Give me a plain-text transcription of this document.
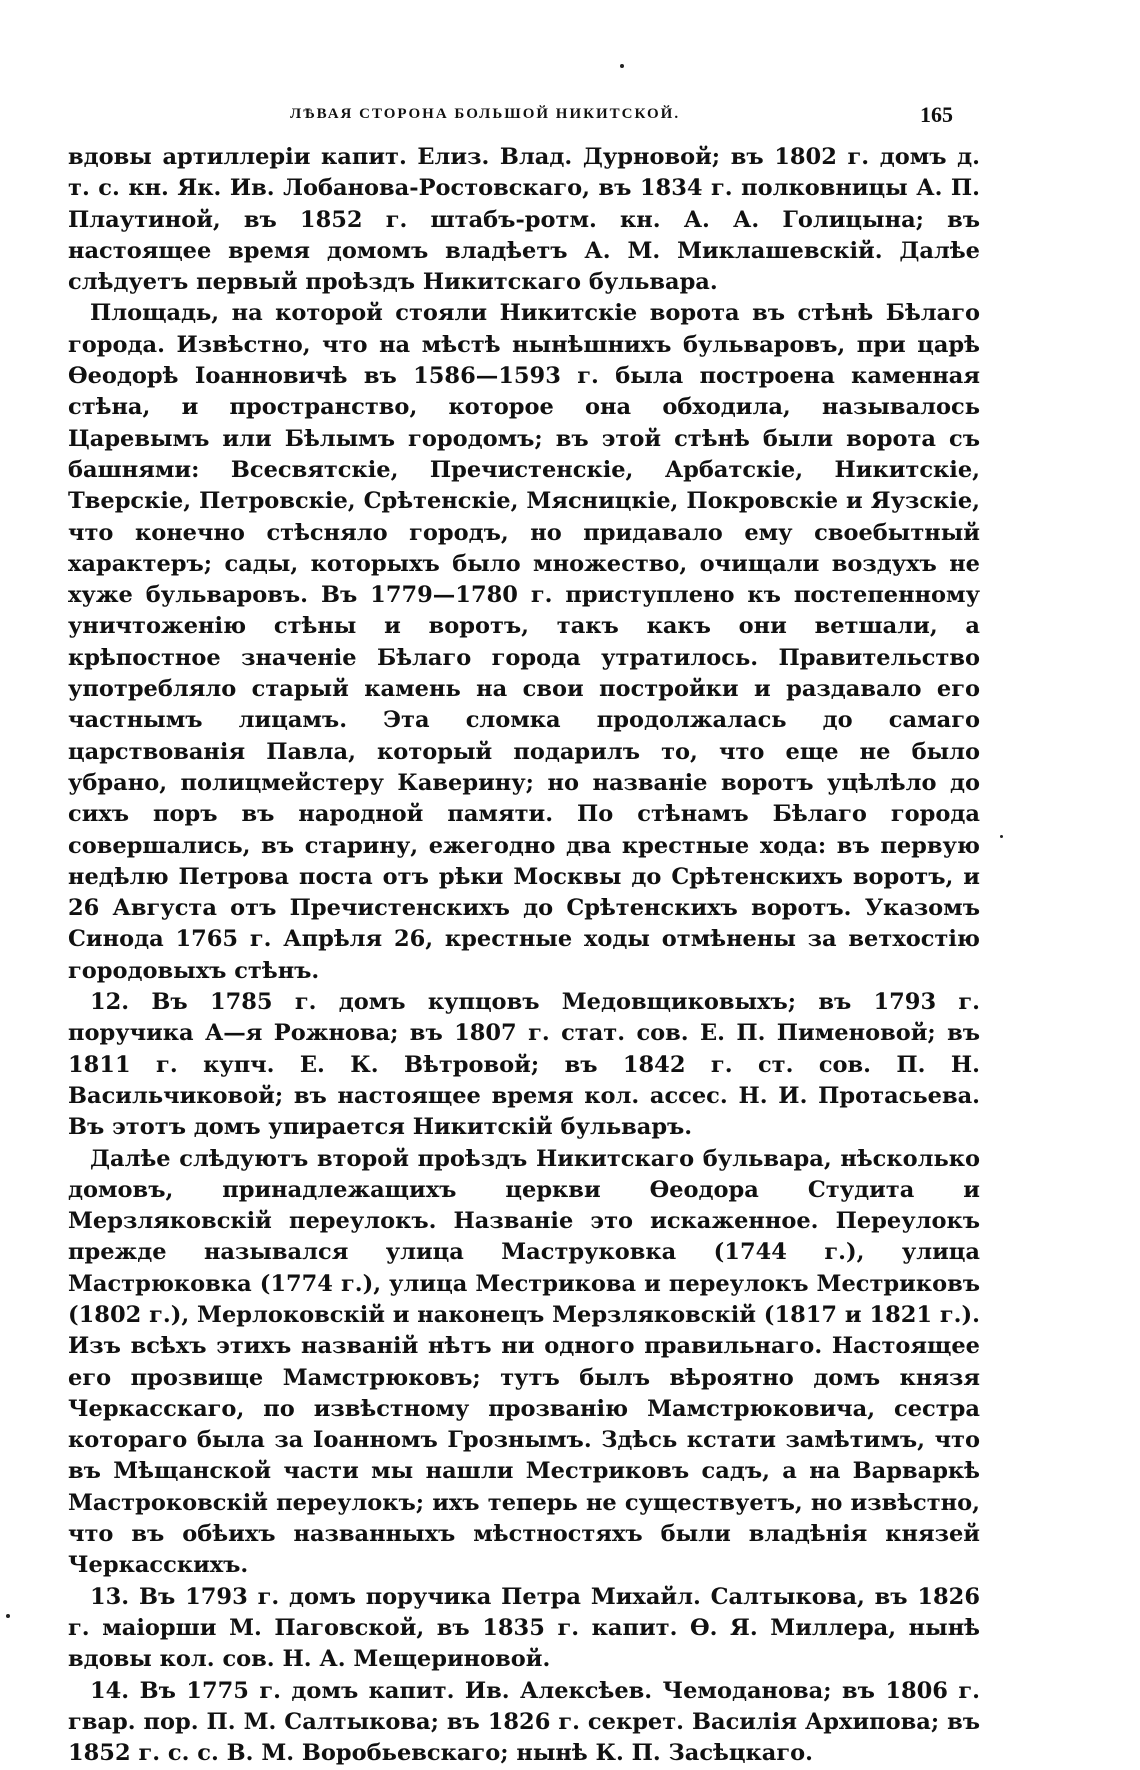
ЛѢВАЯ СТОРОНА БОЛЬШОЙ НИКИТСКОЙ.	165

вдовы артиллеріи капит. Елиз. Влад. Дурновой; въ 1802 г. домъ д. т. с. кн. Як. Ив. Лобанова-Ростовскаго, въ 1834 г. полковницы А. П. Плаутиной, въ 1852 г. штабъ-ротм. кн. А. А. Голицына; въ настоящее время домомъ владѣетъ А. М. Миклашевскій. Далѣе слѣдуетъ первый проѣздъ Никитскаго бульвара.

Площадь, на которой стояли Никитскіе ворота въ стѣнѣ Бѣлаго города. Извѣстно, что на мѣстѣ нынѣшнихъ бульваровъ, при царѣ Ѳеодорѣ Іоанновичѣ въ 1586—1593 г. была построена каменная стѣна, и пространство, которое она обходила, называлось Царевымъ или Бѣлымъ городомъ; въ этой стѣнѣ были ворота съ башнями: Всесвятскіе, Пречистенскіе, Арбатскіе, Никитскіе, Тверскіе, Петровскіе, Срѣтенскіе, Мясницкіе, Покровскіе и Яузскіе, что конечно стѣсняло городъ, но придавало ему своебытный характеръ; сады, которыхъ было множество, очищали воздухъ не хуже бульваровъ. Въ 1779—1780 г. приступлено къ постепенному уничтоженію стѣны и воротъ, такъ какъ они ветшали, а крѣпостное значеніе Бѣлаго города утратилось. Правительство употребляло старый камень на свои постройки и раздавало его частнымъ лицамъ. Эта сломка продолжалась до самаго царствованія Павла, который подарилъ то, что еще не было убрано, полицмейстеру Каверину; но названіе воротъ уцѣлѣло до сихъ поръ въ народной памяти. По стѣнамъ Бѣлаго города совершались, въ старину, ежегодно два крестные хода: въ первую недѣлю Петрова поста отъ рѣки Москвы до Срѣтенскихъ воротъ, и 26 Августа отъ Пречистенскихъ до Срѣтенскихъ воротъ. Указомъ Синода 1765 г. Апрѣля 26, крестные ходы отмѣнены за ветхостію городовыхъ стѣнъ.

12. Въ 1785 г. домъ купцовъ Медовщиковыхъ; въ 1793 г. поручика А—я Рожнова; въ 1807 г. стат. сов. Е. П. Пименовой; въ 1811 г. купч. Е. К. Вѣтровой; въ 1842 г. ст. сов. П. Н. Васильчиковой; въ настоящее время кол. ассес. Н. И. Протасьева. Въ этотъ домъ упирается Никитскій бульваръ.

Далѣе слѣдуютъ второй проѣздъ Никитскаго бульвара, нѣсколько домовъ, принадлежащихъ церкви Ѳеодора Студита и Мерзляковскій переулокъ. Названіе это искаженное. Переулокъ прежде назывался улица Маструковка (1744 г.), улица Мастрюковка (1774 г.), улица Местрикова и переулокъ Местриковъ (1802 г.), Мерлоковскій и наконецъ Мерзляковскій (1817 и 1821 г.). Изъ всѣхъ этихъ названій нѣтъ ни одного правильнаго. Настоящее его прозвище Мамстрюковъ; тутъ былъ вѣроятно домъ князя Черкасскаго, по извѣстному прозванію Мамстрюковича, сестра котораго была за Іоанномъ Грознымъ. Здѣсь кстати замѣтимъ, что въ Мѣщанской части мы нашли Местриковъ садъ, а на Варваркѣ Мастроковскій переулокъ; ихъ теперь не существуетъ, но извѣстно, что въ обѣихъ названныхъ мѣстностяхъ были владѣнія князей Черкасскихъ.

13. Въ 1793 г. домъ поручика Петра Михайл. Салтыкова, въ 1826 г. маіорши М. Паговской, въ 1835 г. капит. Ѳ. Я. Миллера, нынѣ вдовы кол. сов. Н. А. Мещериновой.

14. Въ 1775 г. домъ капит. Ив. Алексѣев. Чемоданова; въ 1806 г. гвар. пор. П. М. Салтыкова; въ 1826 г. секрет. Василія Архипова; въ 1852 г. с. с. В. М. Воробьевскаго; нынѣ К. П. Засѣцкаго.
